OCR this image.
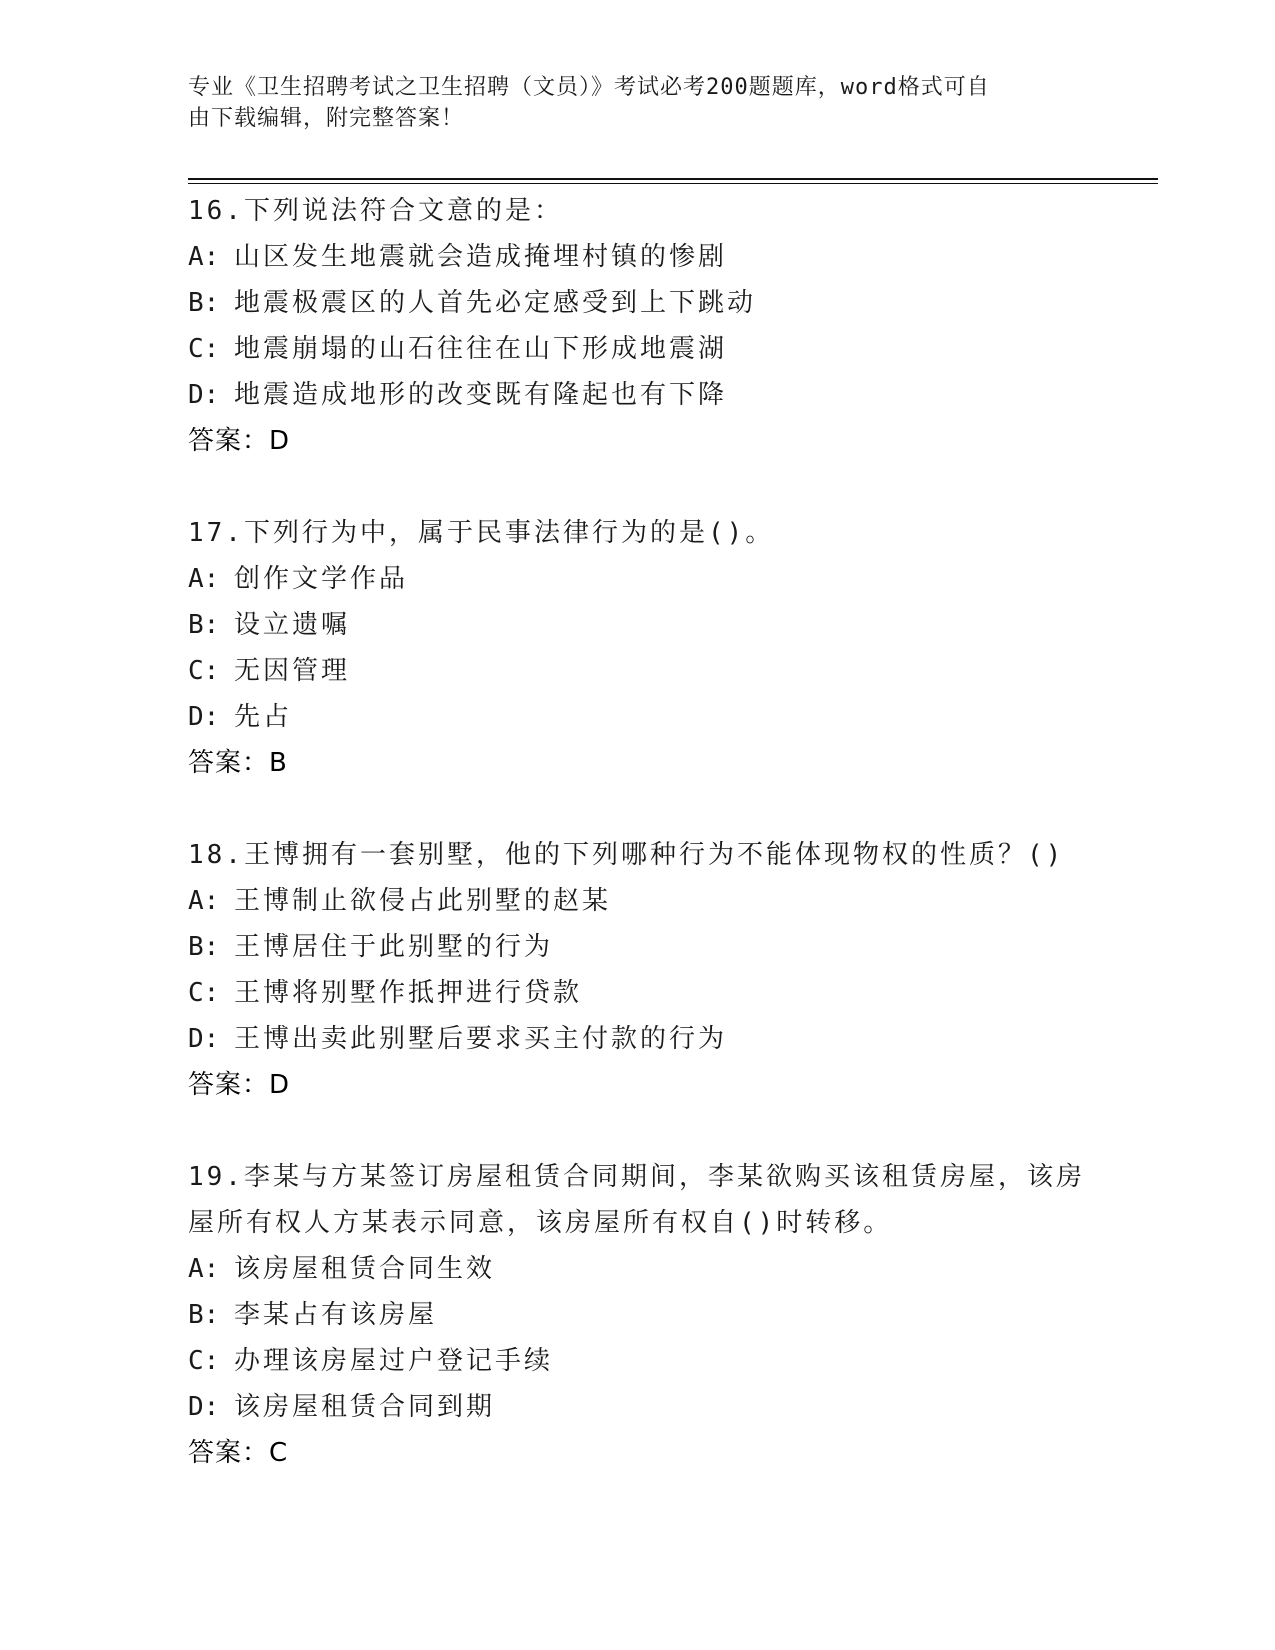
专业《卫生招聘考试之卫生招聘（文员）》考试必考200题题库，word格式可自
由下载编辑，附完整答案！
16.下列说法符合文意的是：
A: 山区发生地震就会造成掩埋村镇的惨剧
B: 地震极震区的人首先必定感受到上下跳动
C: 地震崩塌的山石往往在山下形成地震湖
D: 地震造成地形的改变既有隆起也有下降
答案：D
17.下列行为中，属于民事法律行为的是()。
A: 创作文学作品
B: 设立遗嘱
C: 无因管理
D: 先占
答案：B
18.王博拥有一套别墅，他的下列哪种行为不能体现物权的性质？()
A: 王博制止欲侵占此别墅的赵某
B: 王博居住于此别墅的行为
C: 王博将别墅作抵押进行贷款
D: 王博出卖此别墅后要求买主付款的行为
答案：D
19.李某与方某签订房屋租赁合同期间，李某欲购买该租赁房屋，该房
屋所有权人方某表示同意，该房屋所有权自()时转移。
A: 该房屋租赁合同生效
B: 李某占有该房屋
C: 办理该房屋过户登记手续
D: 该房屋租赁合同到期
答案：C
